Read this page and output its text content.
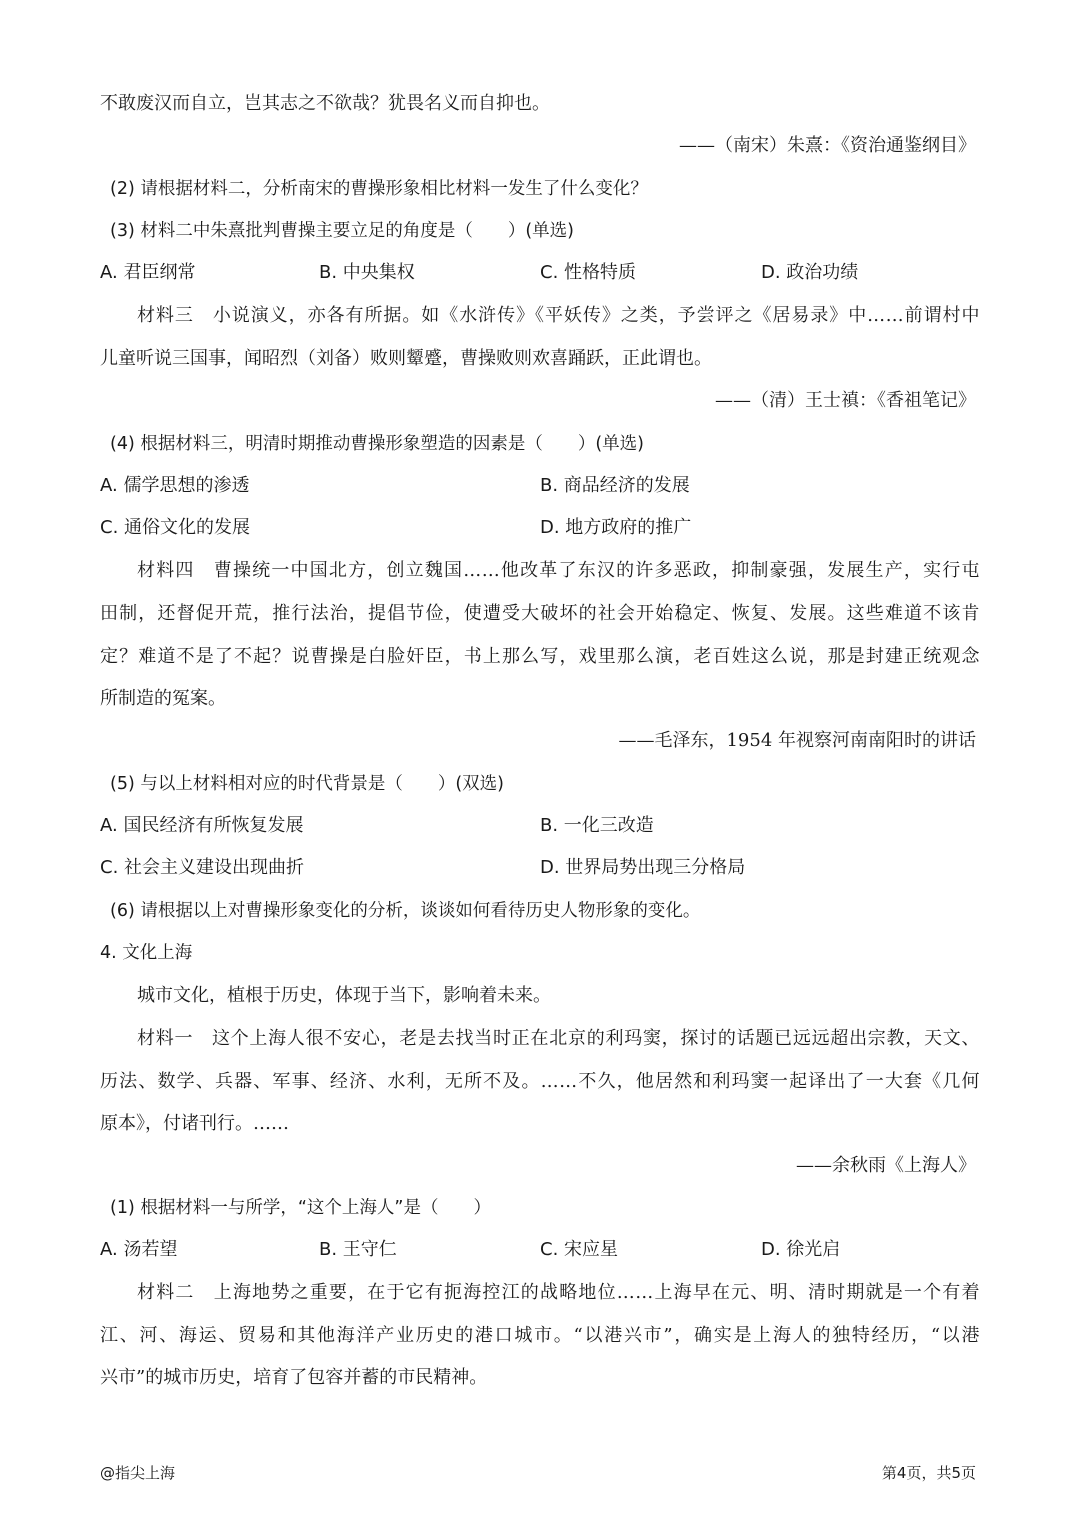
不敢废汉而自立，岂其志之不欲哉？犹畏名义而自抑也。
——（南宋）朱熹：《资治通鉴纲目》
(2) 请根据材料二，分析南宋的曹操形象相比材料一发生了什么变化？
(3) 材料二中朱熹批判曹操主要立足的角度是（　　）(单选)
A. 君臣纲常	B. 中央集权	C. 性格特质	D. 政治功绩
材料三　小说演义，亦各有所据。如《水浒传》《平妖传》之类，予尝评之《居易录》中……前谓村中
儿童听说三国事，闻昭烈（刘备）败则颦蹙，曹操败则欢喜踊跃，正此谓也。
——（清）王士禛：《香祖笔记》
(4) 根据材料三，明清时期推动曹操形象塑造的因素是（　　）(单选)
A. 儒学思想的渗透	B. 商品经济的发展
C. 通俗文化的发展	D. 地方政府的推广
材料四　曹操统一中国北方，创立魏国……他改革了东汉的许多恶政，抑制豪强，发展生产，实行屯
田制，还督促开荒，推行法治，提倡节俭，使遭受大破坏的社会开始稳定、恢复、发展。这些难道不该肯
定？难道不是了不起？说曹操是白脸奸臣，书上那么写，戏里那么演，老百姓这么说，那是封建正统观念
所制造的冤案。
——毛泽东，1954 年视察河南南阳时的讲话
(5) 与以上材料相对应的时代背景是（　　）(双选)
A. 国民经济有所恢复发展	B. 一化三改造
C. 社会主义建设出现曲折	D. 世界局势出现三分格局
(6) 请根据以上对曹操形象变化的分析，谈谈如何看待历史人物形象的变化。
4. 文化上海
城市文化，植根于历史，体现于当下，影响着未来。
材料一　这个上海人很不安心，老是去找当时正在北京的利玛窦，探讨的话题已远远超出宗教，天文、
历法、数学、兵器、军事、经济、水利，无所不及。……不久，他居然和利玛窦一起译出了一大套《几何
原本》，付诸刊行。……
——余秋雨《上海人》
(1) 根据材料一与所学，“这个上海人”是（　　）
A. 汤若望	B. 王守仁	C. 宋应星	D. 徐光启
材料二　上海地势之重要，在于它有扼海控江的战略地位……上海早在元、明、清时期就是一个有着
江、河、海运、贸易和其他海洋产业历史的港口城市。“以港兴市”，确实是上海人的独特经历，“以港
兴市”的城市历史，培育了包容并蓄的市民精神。
@指尖上海	第4页，共5页
